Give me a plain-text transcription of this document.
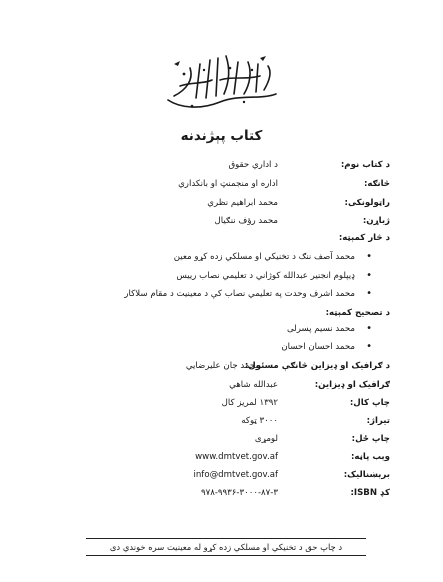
کتاب پېژندنه
د کتاب نوم:
د اداري حقوق
څانګه:
اداره او منجمنټ او بانکداري
راټولونکی:
محمد ابراهیم نظري
ژباړن:
محمد رؤف ننګیال
د څار کمېټه:
•
محمد آصف ننګ د تخنیکي او مسلکي زده کړو معین
•
ډیپلوم انجنیر عبدالله کوژاني د تعلیمي نصاب رییس
•
محمد اشرف وحدت په تعلیمي نصاب کې د معینیت د مقام سلاکار
د تصحیح کمېټه:
•
محمد نسیم پسرلی
•
محمد احسان احسان
د ګرافیک او ډیزاین څانګې مسئول:
محمد جان علیرضایي
ګرافیک او ډیزاین:
عبدالله شاهي
چاپ کال:
۱۳۹۲ لمریز کال
تیراژ:
۳۰۰۰ ټوکه
چاپ ځل:
لومړی
وېب پاڼه:
www.dmtvet.gov.af
برېښنالیک:
info@dmtvet.gov.af
کډ ISBN:
۹۷۸-۹۹۳۶-۳۰۰۰-۸۷-۳
د چاپ حق د تخنیکي او مسلکي زده کړو له معینیت سره خوندي دی
